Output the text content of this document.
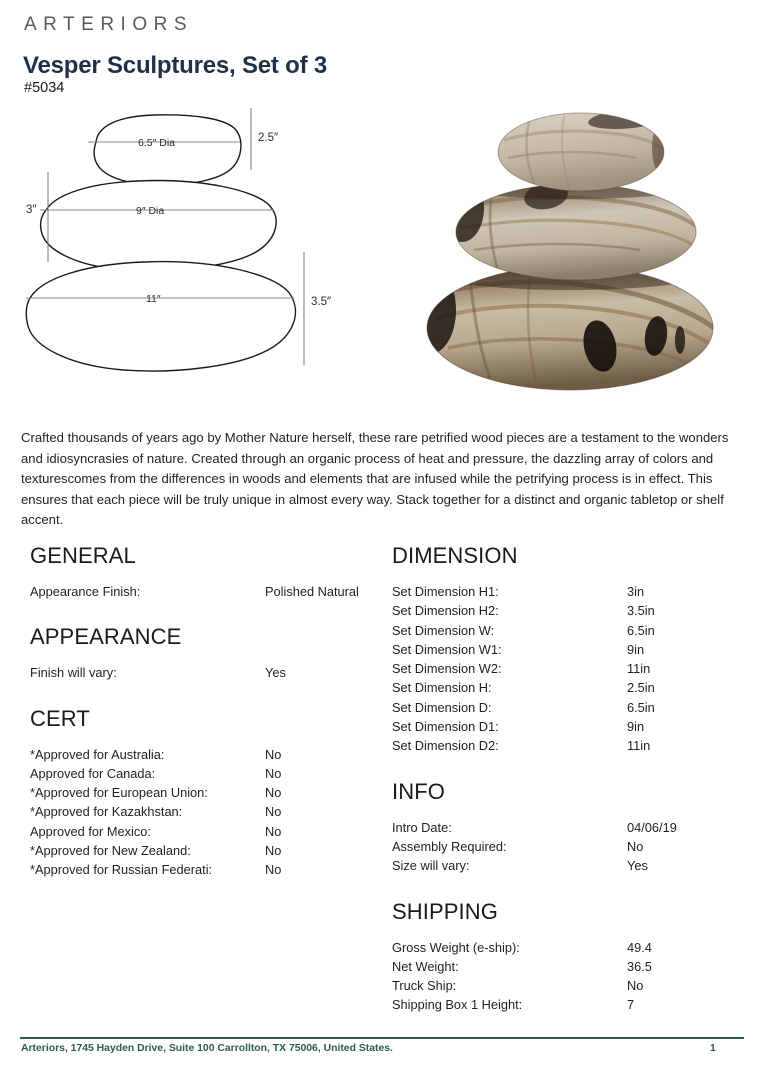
ARTERIORS
Vesper Sculptures, Set of 3
#5034
6.5″ Dia
9″ Dia
11″
2.5″
3″
3.5″
Crafted thousands of years ago by Mother Nature herself, these rare petrified wood pieces are a testament to the wonders and idiosyncrasies of nature. Created through an organic process of heat and pressure, the dazzling array of colors and texturescomes from the differences in woods and elements that are infused while the petrifying process is in effect. This ensures that each piece will be truly unique in almost every way. Stack together for a distinct and organic tabletop or shelf accent.
GENERAL
Appearance Finish:	Polished Natural
APPEARANCE
Finish will vary:	Yes
CERT
*Approved for Australia:	No
Approved for Canada:	No
*Approved for European Union:	No
*Approved for Kazakhstan:	No
Approved for Mexico:	No
*Approved for New Zealand:	No
*Approved for Russian Federati:	No
DIMENSION
Set Dimension H1:	3in
Set Dimension H2:	3.5in
Set Dimension W:	6.5in
Set Dimension W1:	9in
Set Dimension W2:	11in
Set Dimension H:	2.5in
Set Dimension D:	6.5in
Set Dimension D1:	9in
Set Dimension D2:	11in
INFO
Intro Date:	04/06/19
Assembly Required:	No
Size will vary:	Yes
SHIPPING
Gross Weight (e-ship):	49.4
Net Weight:	36.5
Truck Ship:	No
Shipping Box 1 Height:	7
Arteriors, 1745 Hayden Drive, Suite 100 Carrollton, TX 75006, United States.	1
